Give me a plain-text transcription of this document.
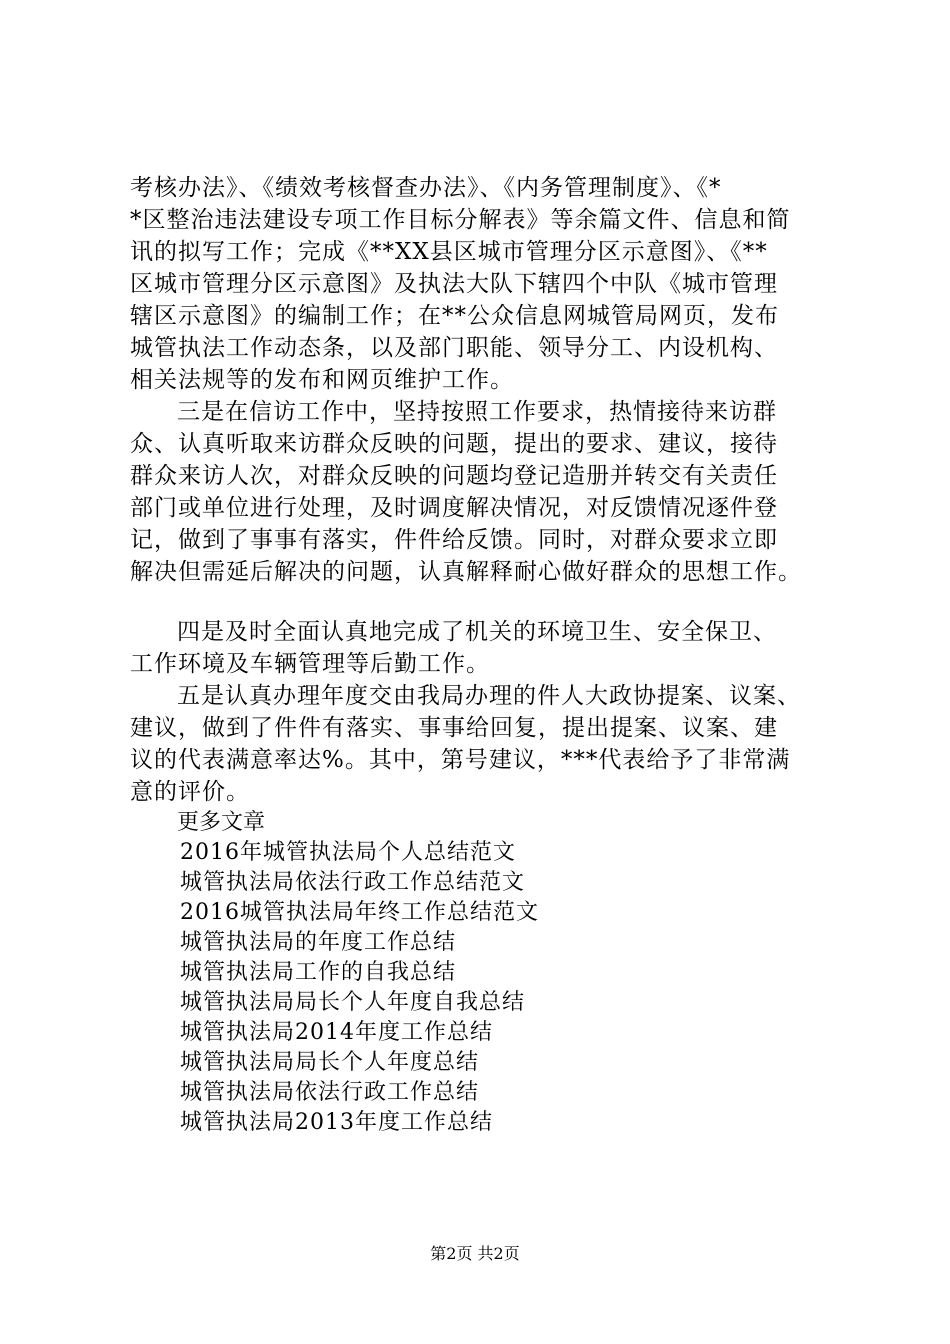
考核办法》、《绩效考核督查办法》、《内务管理制度》、《*
*区整治违法建设专项工作目标分解表》等余篇文件、信息和简
讯的拟写工作；完成《**XX县区城市管理分区示意图》、《**
区城市管理分区示意图》及执法大队下辖四个中队《城市管理
辖区示意图》的编制工作；在**公众信息网城管局网页，发布
城管执法工作动态条，以及部门职能、领导分工、内设机构、
相关法规等的发布和网页维护工作。
三是在信访工作中，坚持按照工作要求，热情接待来访群
众、认真听取来访群众反映的问题，提出的要求、建议，接待
群众来访人次，对群众反映的问题均登记造册并转交有关责任
部门或单位进行处理，及时调度解决情况，对反馈情况逐件登
记，做到了事事有落实，件件给反馈。同时，对群众要求立即
解决但需延后解决的问题，认真解释耐心做好群众的思想工作。
四是及时全面认真地完成了机关的环境卫生、安全保卫、
工作环境及车辆管理等后勤工作。
五是认真办理年度交由我局办理的件人大政协提案、议案、
建议，做到了件件有落实、事事给回复，提出提案、议案、建
议的代表满意率达%。其中，第号建议，***代表给予了非常满
意的评价。
更多文章
2016年城管执法局个人总结范文
城管执法局依法行政工作总结范文
2016城管执法局年终工作总结范文
城管执法局的年度工作总结
城管执法局工作的自我总结
城管执法局局长个人年度自我总结
城管执法局2014年度工作总结
城管执法局局长个人年度总结
城管执法局依法行政工作总结
城管执法局2013年度工作总结
第2页 共2页
